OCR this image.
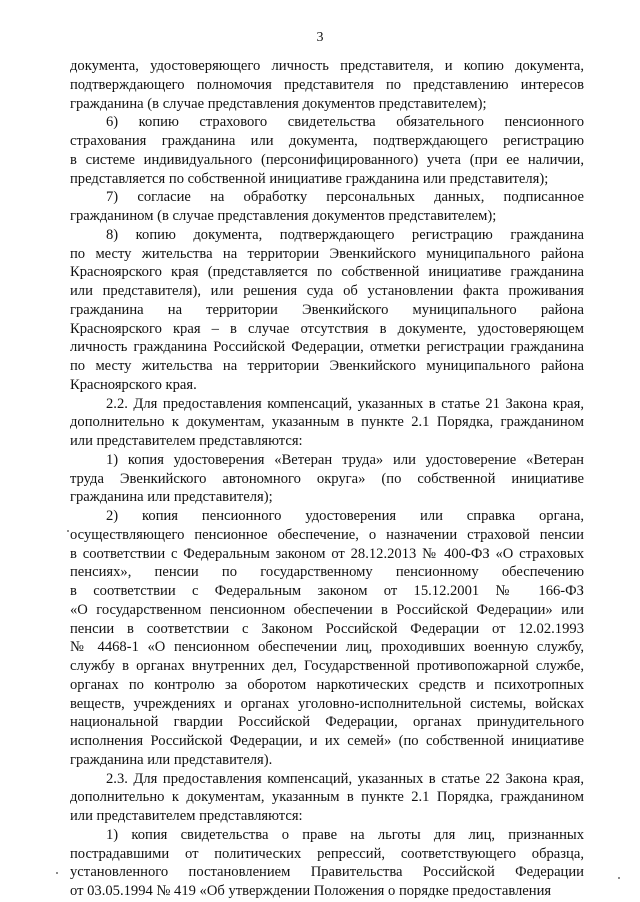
3
документа, удостоверяющего личность представителя, и копию документа,
подтверждающего полномочия представителя по представлению интересов
гражданина (в случае представления документов представителем);
6) копию страхового свидетельства обязательного пенсионного
страхования гражданина или документа, подтверждающего регистрацию
в системе индивидуального (персонифицированного) учета (при ее наличии,
представляется по собственной инициативе гражданина или представителя);
7) согласие на обработку персональных данных, подписанное
гражданином (в случае представления документов представителем);
8) копию документа, подтверждающего регистрацию гражданина
по месту жительства на территории Эвенкийского муниципального района
Красноярского края (представляется по собственной инициативе гражданина
или представителя), или решения суда об установлении факта проживания
гражданина на территории Эвенкийского муниципального района
Красноярского края – в случае отсутствия в документе, удостоверяющем
личность гражданина Российской Федерации, отметки регистрации гражданина
по месту жительства на территории Эвенкийского муниципального района
Красноярского края.
2.2. Для предоставления компенсаций, указанных в статье 21 Закона края,
дополнительно к документам, указанным в пункте 2.1 Порядка, гражданином
или представителем представляются:
1) копия удостоверения «Ветеран труда» или удостоверение «Ветеран
труда Эвенкийского автономного округа» (по собственной инициативе
гражданина или представителя);
2) копия пенсионного удостоверения или справка органа,
осуществляющего пенсионное обеспечение, о назначении страховой пенсии
в соответствии с Федеральным законом от 28.12.2013 № 400-ФЗ «О страховых
пенсиях», пенсии по государственному пенсионному обеспечению
в соответствии с Федеральным законом от 15.12.2001 № 166-ФЗ
«О государственном пенсионном обеспечении в Российской Федерации» или
пенсии в соответствии с Законом Российской Федерации от 12.02.1993
№ 4468-1 «О пенсионном обеспечении лиц, проходивших военную службу,
службу в органах внутренних дел, Государственной противопожарной службе,
органах по контролю за оборотом наркотических средств и психотропных
веществ, учреждениях и органах уголовно-исполнительной системы, войсках
национальной гвардии Российской Федерации, органах принудительного
исполнения Российской Федерации, и их семей» (по собственной инициативе
гражданина или представителя).
2.3. Для предоставления компенсаций, указанных в статье 22 Закона края,
дополнительно к документам, указанным в пункте 2.1 Порядка, гражданином
или представителем представляются:
1) копия свидетельства о праве на льготы для лиц, признанных
пострадавшими от политических репрессий, соответствующего образца,
установленного постановлением Правительства Российской Федерации
от 03.05.1994 № 419 «Об утверждении Положения о порядке предоставления
